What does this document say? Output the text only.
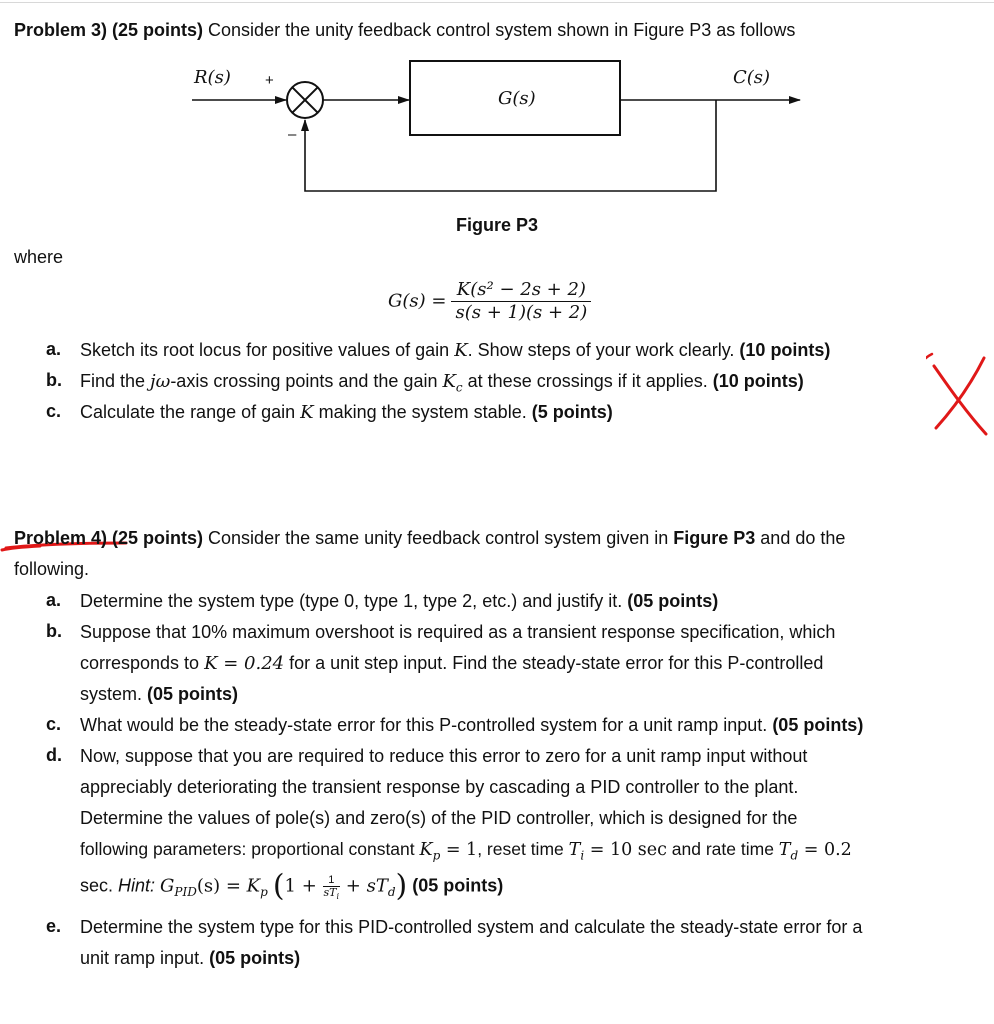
Problem 3) (25 points) Consider the unity feedback control system shown in Figure P3 as follows
R(s) +
–
G(s)
C(s)
Figure P3
where
$G(s) = \frac{\text{K(s² − 2s + 2)}}{s(s + 1)(s + 2)}$
a.	Sketch its root locus for positive values of gain K. Show steps of your work clearly. (10 points)
b.	Find the jω-axis crossing points and the gain $K_c$ at these crossings if it applies. (10 points)
c.	Calculate the range of gain K making the system stable. (5 points)
Problem 4) (25 points) Consider the same unity feedback control system given in Figure P3 and do the
following.
a.	Determine the system type (type 0, type 1, type 2, etc.) and justify it. (05 points)
b.	Suppose that 10% maximum overshoot is required as a transient response specification, which
corresponds to K = 0.24 for a unit step input. Find the steady-state error for this P-controlled
system. (05 points)
c.	What would be the steady-state error for this P-controlled system for a unit ramp input. (05 points)
d.	Now, suppose that you are required to reduce this error to zero for a unit ramp input without
appreciably deteriorating the transient response by cascading a PID controller to the plant.
Determine the values of pole(s) and zero(s) of the PID controller, which is designed for the
following parameters: proportional constant $K_p = 1$, reset time $T_i = 10$ sec and rate time $T_d = 0.2$
sec. Hint: $G_{PID}(s) = K_p$ (1 + 1
$sT_i$
+ $sT_d$) (05 points)
e.	Determine the system type for this PID-controlled system and calculate the steady-state error for a
unit ramp input. (05 points)
